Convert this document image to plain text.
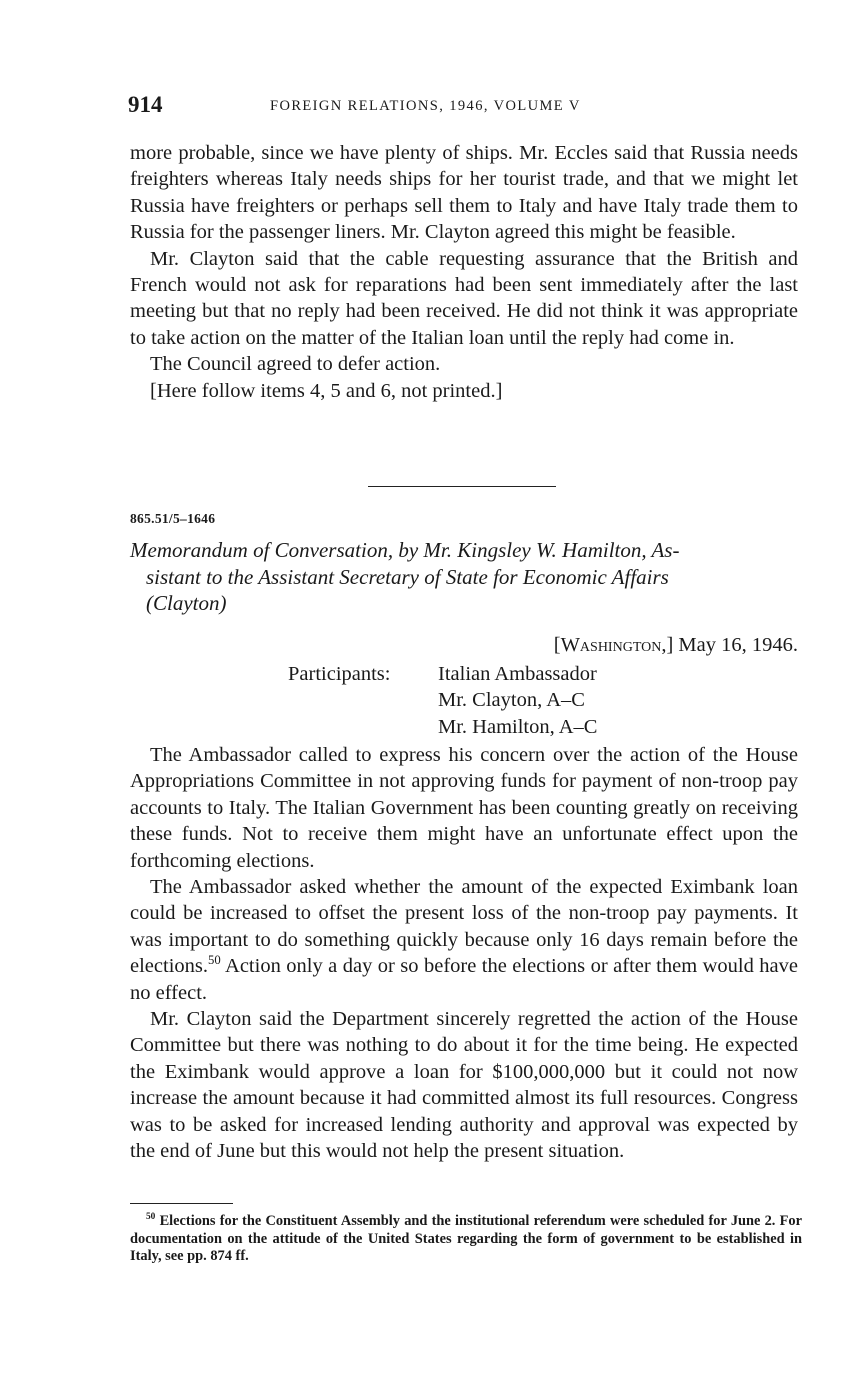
914	FOREIGN RELATIONS, 1946, VOLUME V

more probable, since we have plenty of ships. Mr. Eccles said that Russia needs freighters whereas Italy needs ships for her tourist trade, and that we might let Russia have freighters or perhaps sell them to Italy and have Italy trade them to Russia for the passenger liners. Mr. Clayton agreed this might be feasible.

Mr. Clayton said that the cable requesting assurance that the British and French would not ask for reparations had been sent immediately after the last meeting but that no reply had been received. He did not think it was appropriate to take action on the matter of the Italian loan until the reply had come in.

The Council agreed to defer action.

[Here follow items 4, 5 and 6, not printed.]

865.51/5–1646
Memorandum of Conversation, by Mr. Kingsley W. Hamilton, As-
sistant to the Assistant Secretary of State for Economic Affairs
(Clayton)
[Washington,] May 16, 1946.
Participants: Italian Ambassador
Mr. Clayton, A–C
Mr. Hamilton, A–C

The Ambassador called to express his concern over the action of the House Appropriations Committee in not approving funds for payment of non-troop pay accounts to Italy. The Italian Government has been counting greatly on receiving these funds. Not to receive them might have an unfortunate effect upon the forthcoming elections.

The Ambassador asked whether the amount of the expected Eximbank loan could be increased to offset the present loss of the non-troop pay payments. It was important to do something quickly because only 16 days remain before the elections.$^{50}$ Action only a day or so before the elections or after them would have no effect.

Mr. Clayton said the Department sincerely regretted the action of the House Committee but there was nothing to do about it for the time being. He expected the Eximbank would approve a loan for $100,000,000 but it could not now increase the amount because it had committed almost its full resources. Congress was to be asked for increased lending authority and approval was expected by the end of June but this would not help the present situation.

$^{50}$ Elections for the Constituent Assembly and the institutional referendum were scheduled for June 2. For documentation on the attitude of the United States regarding the form of government to be established in Italy, see pp. 874 ff.
